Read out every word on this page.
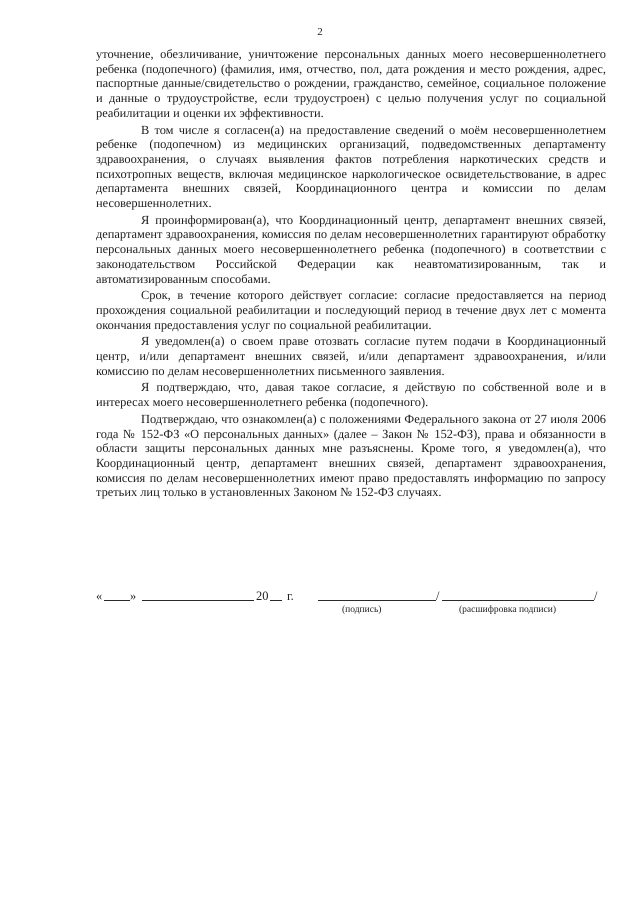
2

уточнение, обезличивание, уничтожение персональных данных моего несовершеннолетнего ребенка (подопечного) (фамилия, имя, отчество, пол, дата рождения и место рождения, адрес, паспортные данные/свидетельство о рождении, гражданство, семейное, социальное положение и данные о трудоустройстве, если трудоустроен) с целью получения услуг по социальной реабилитации и оценки их эффективности.

В том числе я согласен(а) на предоставление сведений о моём несовершеннолетнем ребенке (подопечном) из медицинских организаций, подведомственных департаменту здравоохранения, о случаях выявления фактов потребления наркотических средств и психотропных веществ, включая медицинское наркологическое освидетельствование, в адрес департамента внешних связей, Координационного центра и комиссии по делам несовершеннолетних.

Я проинформирован(а), что Координационный центр, департамент внешних связей, департамент здравоохранения, комиссия по делам несовершеннолетних гарантируют обработку персональных данных моего несовершеннолетнего ребенка (подопечного) в соответствии с законодательством Российской Федерации как неавтоматизированным, так и автоматизированным способами.

Срок, в течение которого действует согласие: согласие предоставляется на период прохождения социальной реабилитации и последующий период в течение двух лет с момента окончания предоставления услуг по социальной реабилитации.

Я уведомлен(а) о своем праве отозвать согласие путем подачи в Координационный центр, и/или департамент внешних связей, и/или департамент здравоохранения, и/или комиссию по делам несовершеннолетних письменного заявления.

Я подтверждаю, что, давая такое согласие, я действую по собственной воле и в интересах моего несовершеннолетнего ребенка (подопечного).

Подтверждаю, что ознакомлен(а) с положениями Федерального закона от 27 июля 2006 года № 152-ФЗ «О персональных данных» (далее – Закон № 152-ФЗ), права и обязанности в области защиты персональных данных мне разъяснены. Кроме того, я уведомлен(а), что Координационный центр, департамент внешних связей, департамент здравоохранения, комиссия по делам несовершеннолетних имеют право предоставлять информацию по запросу третьих лиц только в установленных Законом № 152-ФЗ случаях.

« »	20 г.	/	/
(подпись)	(расшифровка подписи)
